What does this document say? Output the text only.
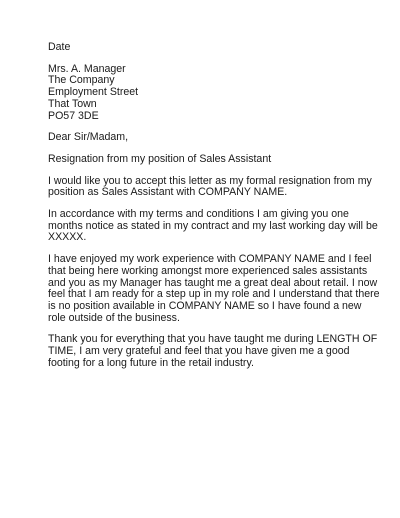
Date
Mrs. A. Manager
The Company
Employment Street
That Town
PO57 3DE
Dear Sir/Madam,
Resignation from my position of Sales Assistant
I would like you to accept this letter as my formal resignation from my
position as Sales Assistant with COMPANY NAME.
In accordance with my terms and conditions I am giving you one
months notice as stated in my contract and my last working day will be
XXXXX.
I have enjoyed my work experience with COMPANY NAME and I feel
that being here working amongst more experienced sales assistants
and you as my Manager has taught me a great deal about retail. I now
feel that I am ready for a step up in my role and I understand that there
is no position available in COMPANY NAME so I have found a new
role outside of the business.
Thank you for everything that you have taught me during LENGTH OF
TIME, I am very grateful and feel that you have given me a good
footing for a long future in the retail industry.
